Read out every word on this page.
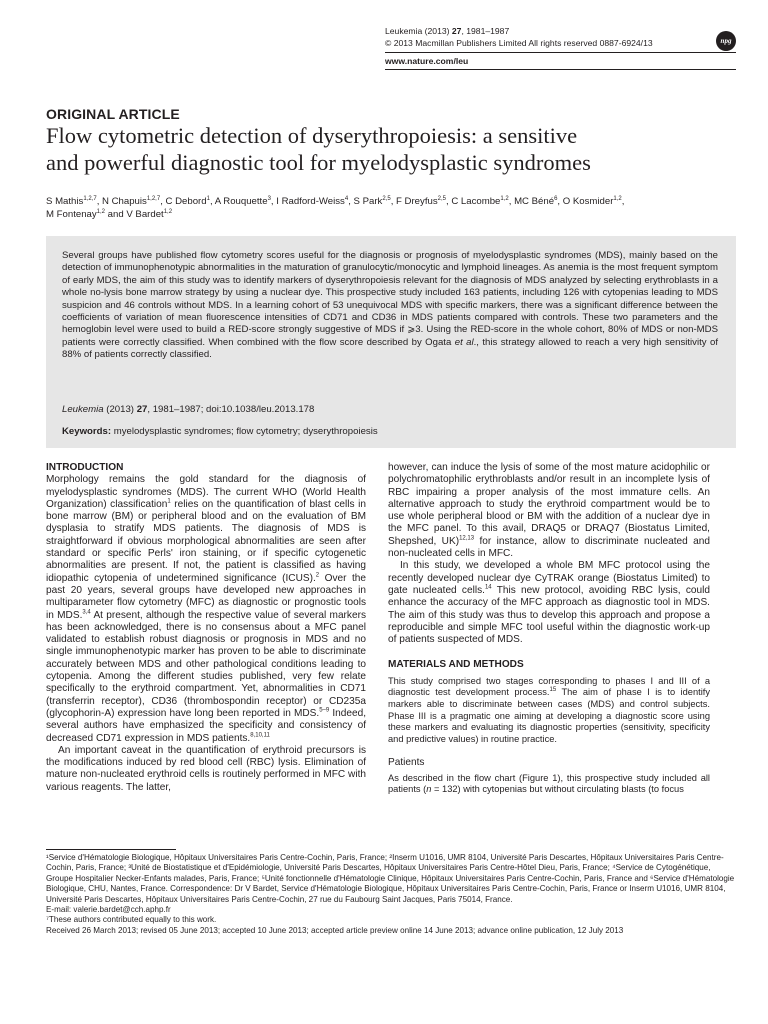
Leukemia (2013) 27, 1981–1987
© 2013 Macmillan Publishers Limited All rights reserved 0887-6924/13	npg
www.nature.com/leu
ORIGINAL ARTICLE
Flow cytometric detection of dyserythropoiesis: a sensitive
and powerful diagnostic tool for myelodysplastic syndromes
S Mathis$^{1,2,7}$, N Chapuis$^{1,2,7}$, C Debord$^1$, A Rouquette$^3$, I Radford-Weiss$^4$, S Park$^{2,5}$, F Dreyfus$^{2,5}$, C Lacombe$^{1,2}$, MC Béné$^6$, O Kosmider$^{1,2}$,
M Fontenay$^{1,2}$ and V Bardet$^{1,2}$
Several groups have published flow cytometry scores useful for the diagnosis or prognosis of myelodysplastic syndromes (MDS), mainly based on the detection of immunophenotypic abnormalities in the maturation of granulocytic/monocytic and lymphoid lineages. As anemia is the most frequent symptom of early MDS, the aim of this study was to identify markers of dyserythropoiesis relevant for the diagnosis of MDS analyzed by selecting erythroblasts in a whole no-lysis bone marrow strategy by using a nuclear dye. This prospective study included 163 patients, including 126 with cytopenias leading to MDS suspicion and 46 controls without MDS. In a learning cohort of 53 unequivocal MDS with specific markers, there was a significant difference between the coefficients of variation of mean fluorescence intensities of CD71 and CD36 in MDS patients compared with controls. These two parameters and the hemoglobin level were used to build a RED-score strongly suggestive of MDS if ⩾3. Using the RED-score in the whole cohort, 80% of MDS or non-MDS patients were correctly classified. When combined with the flow score described by Ogata et al., this strategy allowed to reach a very high sensitivity of 88% of patients correctly classified.
Leukemia (2013) 27, 1981–1987; doi:10.1038/leu.2013.178
Keywords: myelodysplastic syndromes; flow cytometry; dyserythropoiesis
INTRODUCTION

Morphology remains the gold standard for the diagnosis of myelodysplastic syndromes (MDS). The current WHO (World Health Organization) classification$^1$ relies on the quantification of blast cells in bone marrow (BM) or peripheral blood and on the evaluation of BM dysplasia to stratify MDS patients. The diagnosis of MDS is straightforward if obvious morphological abnormalities are seen after standard or specific Perls' iron staining, or if specific cytogenetic abnormalities are present. If not, the patient is classified as having idiopathic cytopenia of undetermined significance (ICUS).$^2$ Over the past 20 years, several groups have developed new approaches in multiparameter flow cytometry (MFC) as diagnostic or prognostic tools in MDS.$^{3,4}$ At present, although the respective value of several markers has been acknowledged, there is no consensus about a MFC panel validated to establish robust diagnosis or prognosis in MDS and no single immunophenotypic marker has proven to be able to discriminate accurately between MDS and other pathological conditions leading to cytopenia. Among the different studies published, very few relate specifically to the erythroid compartment. Yet, abnormalities in CD71 (transferrin receptor), CD36 (thrombospondin receptor) or CD235a (glycophorin-A) expression have long been reported in MDS.$^{5-9}$ Indeed, several authors have emphasized the specificity and consistency of decreased CD71 expression in MDS patients.$^{8,10,11}$

An important caveat in the quantification of erythroid precursors is the modifications induced by red blood cell (RBC) lysis. Elimination of mature non-nucleated erythroid cells is routinely performed in MFC with various reagents. The latter,

however, can induce the lysis of some of the most mature acidophilic or polychromatophilic erythroblasts and/or result in an incomplete lysis of RBC impairing a proper analysis of the most immature cells. An alternative approach to study the erythroid compartment would be to use whole peripheral blood or BM with the addition of a nuclear dye in the MFC panel. To this avail, DRAQ5 or DRAQ7 (Biostatus Limited, Shepshed, UK)$^{12,13}$ for instance, allow to discriminate nucleated and non-nucleated cells in MFC.

In this study, we developed a whole BM MFC protocol using the recently developed nuclear dye CyTRAK orange (Biostatus Limited) to gate nucleated cells.$^{14}$ This new protocol, avoiding RBC lysis, could enhance the accuracy of the MFC approach as diagnostic tool in MDS. The aim of this study was thus to develop this approach and propose a reproducible and simple MFC tool useful within the diagnostic work-up of patients suspected of MDS.

MATERIALS AND METHODS

This study comprised two stages corresponding to phases I and III of a diagnostic test development process.$^{15}$ The aim of phase I is to identify markers able to discriminate between cases (MDS) and control subjects. Phase III is a pragmatic one aiming at developing a diagnostic score using these markers and evaluating its diagnostic properties (sensitivity, specificity and predictive values) in routine practice.

Patients

As described in the flow chart (Figure 1), this prospective study included all patients (n = 132) with cytopenias but without circulating blasts (to focus

¹Service d'Hématologie Biologique, Hôpitaux Universitaires Paris Centre-Cochin, Paris, France; ²Inserm U1016, UMR 8104, Université Paris Descartes, Hôpitaux Universitaires Paris Centre-Cochin, Paris, France; ³Unité de Biostatistique et d'Epidémiologie, Université Paris Descartes, Hôpitaux Universitaires Paris Centre-Hôtel Dieu, Paris, France; ⁴Service de Cytogénétique, Groupe Hospitalier Necker-Enfants malades, Paris, France; ⁵Unité fonctionnelle d'Hématologie Clinique, Hôpitaux Universitaires Paris Centre-Cochin, Paris, France and ⁶Service d'Hématologie Biologique, CHU, Nantes, France. Correspondence: Dr V Bardet, Service d'Hématologie Biologique, Hôpitaux Universitaires Paris Centre-Cochin, Paris, France or Inserm U1016, UMR 8104, Université Paris Descartes, Hôpitaux Universitaires Paris Centre-Cochin, 27 rue du Faubourg Saint Jacques, Paris 75014, France.

E-mail: valerie.bardet@cch.aphp.fr

⁷These authors contributed equally to this work.

Received 26 March 2013; revised 05 June 2013; accepted 10 June 2013; accepted article preview online 14 June 2013; advance online publication, 12 July 2013
